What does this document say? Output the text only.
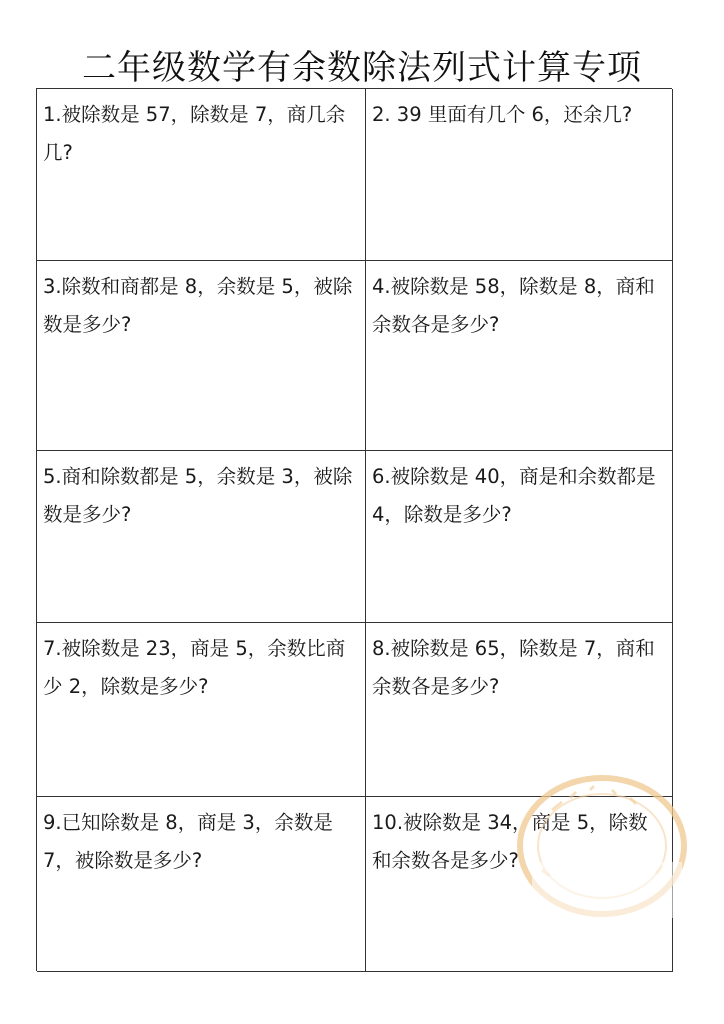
二年级数学有余数除法列式计算专项
1.被除数是 57，除数是 7，商几余几?
2. 39 里面有几个 6，还余几?
3.除数和商都是 8，余数是 5，被除数是多少?
4.被除数是 58，除数是 8，商和余数各是多少?
5.商和除数都是 5，余数是 3，被除数是多少?
6.被除数是 40，商是和余数都是 4，除数是多少?
7.被除数是 23，商是 5，余数比商少 2，除数是多少?
8.被除数是 65，除数是 7，商和余数各是多少?
9.已知除数是 8，商是 3，余数是 7，被除数是多少?
10.被除数是 34，商是 5，除数和余数各是多少?
